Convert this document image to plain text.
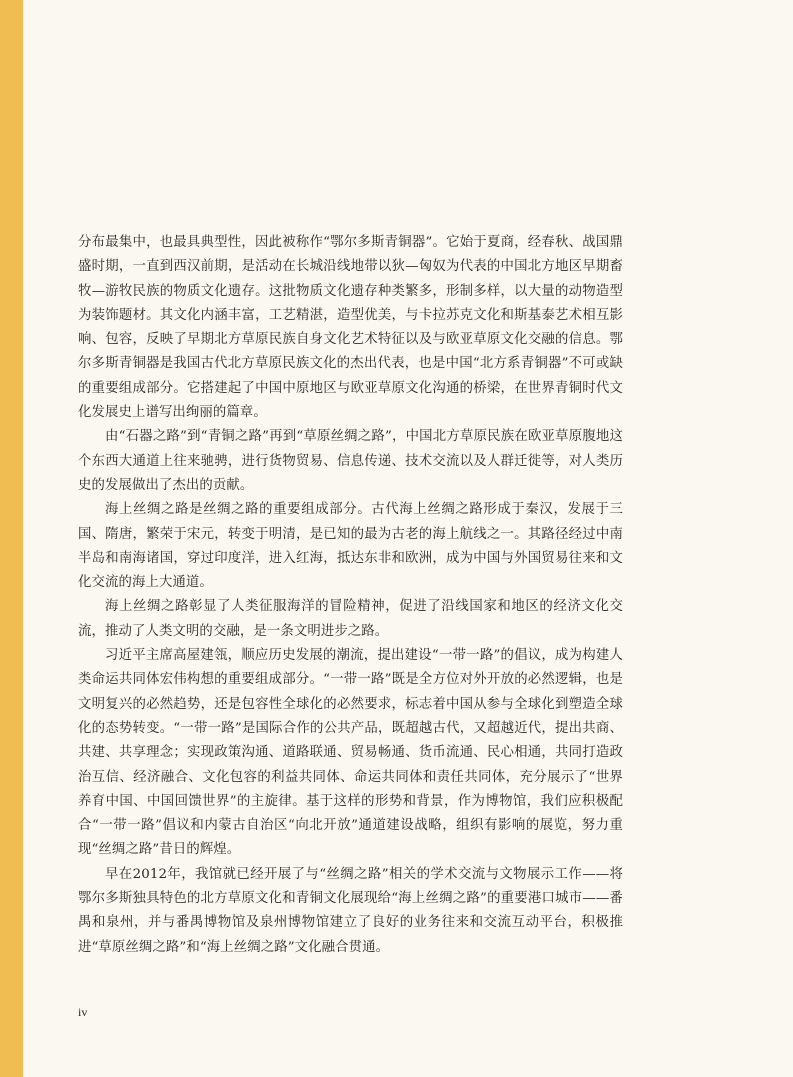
分布最集中，也最具典型性，因此被称作“鄂尔多斯青铜器”。它始于夏商，经春秋、战国鼎盛时期，一直到西汉前期，是活动在长城沿线地带以狄—匈奴为代表的中国北方地区早期畜牧—游牧民族的物质文化遗存。这批物质文化遗存种类繁多，形制多样，以大量的动物造型为装饰题材。其文化内涵丰富，工艺精湛，造型优美，与卡拉苏克文化和斯基泰艺术相互影响、包容，反映了早期北方草原民族自身文化艺术特征以及与欧亚草原文化交融的信息。鄂尔多斯青铜器是我国古代北方草原民族文化的杰出代表，也是中国“北方系青铜器”不可或缺的重要组成部分。它搭建起了中国中原地区与欧亚草原文化沟通的桥梁，在世界青铜时代文化发展史上谱写出绚丽的篇章。

由“石器之路”到“青铜之路”再到“草原丝绸之路”，中国北方草原民族在欧亚草原腹地这个东西大通道上往来驰骋，进行货物贸易、信息传递、技术交流以及人群迁徙等，对人类历史的发展做出了杰出的贡献。

海上丝绸之路是丝绸之路的重要组成部分。古代海上丝绸之路形成于秦汉，发展于三国、隋唐，繁荣于宋元，转变于明清，是已知的最为古老的海上航线之一。其路径经过中南半岛和南海诸国，穿过印度洋，进入红海，抵达东非和欧洲，成为中国与外国贸易往来和文化交流的海上大通道。

海上丝绸之路彰显了人类征服海洋的冒险精神，促进了沿线国家和地区的经济文化交流，推动了人类文明的交融，是一条文明进步之路。

习近平主席高屋建瓴，顺应历史发展的潮流，提出建设“一带一路”的倡议，成为构建人类命运共同体宏伟构想的重要组成部分。“一带一路”既是全方位对外开放的必然逻辑，也是文明复兴的必然趋势，还是包容性全球化的必然要求，标志着中国从参与全球化到塑造全球化的态势转变。“一带一路”是国际合作的公共产品，既超越古代，又超越近代，提出共商、共建、共享理念；实现政策沟通、道路联通、贸易畅通、货币流通、民心相通，共同打造政治互信、经济融合、文化包容的利益共同体、命运共同体和责任共同体，充分展示了“世界养育中国、中国回馈世界”的主旋律。基于这样的形势和背景，作为博物馆，我们应积极配合“一带一路”倡议和内蒙古自治区“向北开放”通道建设战略，组织有影响的展览，努力重现“丝绸之路”昔日的辉煌。

早在2012年，我馆就已经开展了与“丝绸之路”相关的学术交流与文物展示工作——将鄂尔多斯独具特色的北方草原文化和青铜文化展现给“海上丝绸之路”的重要港口城市——番禺和泉州，并与番禺博物馆及泉州博物馆建立了良好的业务往来和交流互动平台，积极推进“草原丝绸之路”和“海上丝绸之路”文化融合贯通。

iv
